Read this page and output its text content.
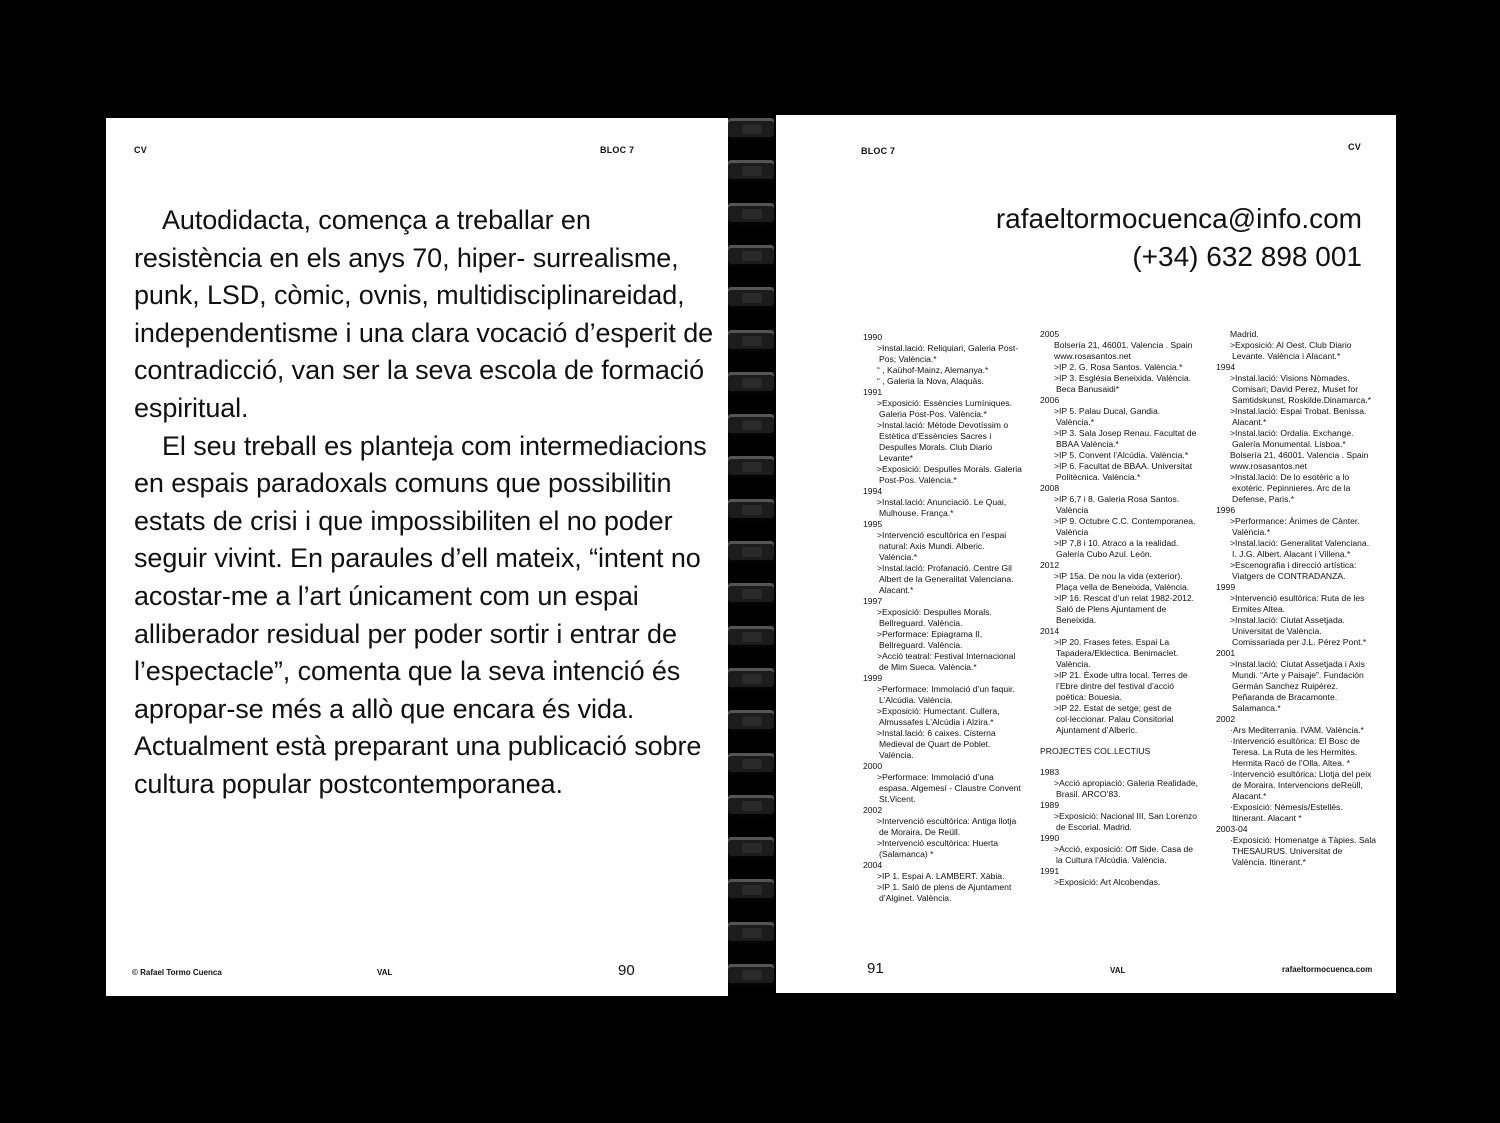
CV	BLOC 7

Autodidacta, comença a treballar en resistència en els anys 70, hiper- surrealisme, punk, LSD, còmic, ovnis, multidisciplinareidad, independentisme i una clara vocació d’esperit de contradicció, van ser la seva escola de formació espiritual.

El seu treball es planteja com intermediacions en espais paradoxals comuns que possibilitin estats de crisi i que impossibiliten el no poder seguir vivint. En paraules d’ell mateix, “intent no acostar-me a l’art únicament com un espai alliberador residual per poder sortir i entrar de l’espectacle”, comenta que la seva intenció és apropar-se més a allò que encara és vida. Actualment està preparant una publicació sobre cultura popular postcontemporanea.

© Rafael Tormo Cuenca	VAL	90
BLOC 7	CV
rafaeltormocuenca@info.com
(+34) 632 898 001
1990
>Instal.lació: Reliquiari, Galeria Post-Pos; València.*
“ , Kaühof-Mainz, Alemanya.*
“ , Galeria la Nova, Alaquàs.
1991
>Exposició: Essències Lumíniques. Galeria Post-Pos. València.*
>Instal.lació: Mètode Devotíssim o Estètica d’Essències Sacres i Despulles Morals. Club Diario Levante*
>Exposició: Despulles Morals. Galeria Post-Pos. València.*
1994
>Instal.lació: Anunciació. Le Quai, Mulhouse. França.*
1995
>Intervenció escultòrica en l’espai natural: Axis Mundi. Alberic. València.*
>Instal.lació: Profanació. Centre Gil Albert de la Generalitat Valenciana. Alacant.*
1997
>Exposició: Despulles Morals. Bellreguard. València.
>Performace: Epiagrama II, Bellreguard. València.
>Acció teatral: Festival Internacional de Mim Sueca. València.*
1999
>Performace: Immolació d’un faquir. L’Alcúdia. València.
>Exposició: Humectant. Cullera, Almussafes L’Alcúdia i Alzira.*
>Instal.lació: 6 caixes. Cisterna Medieval de Quart de Poblet. València.
2000
>Performace: Immolació d’una espasa. Algemesí - Claustre Convent St.Vicent.
2002
>Intervenció escultòrica: Antiga llotja de Moraira. De Reüll.
>Intervenció escultòrica: Huerta (Salamanca) *
2004
>IP 1. Espai A. LAMBERT. Xàbia.
>IP 1. Saló de plens de Ajuntament d’Alginet. València.
2005
Bolsería 21, 46001. Valencia . Spain
www.rosasantos.net
>IP 2. G. Rosa Santos. València.*
>IP 3. Església Beneixida. València. Beca Banusaidi*
2006
>IP 5. Palau Ducal, Gandia. València.*
>IP 3. Sala Josep Renau. Facultat de BBAA València.*
>IP 5. Convent l’Alcúdia. València.*
>IP 6. Facultat de BBAA. Universitat Politècnica. València.*
2008
>IP 6,7 i 8. Galeria Rosa Santos. València
>IP 9. Octubre C.C. Contemporanea. València
>IP 7,8 i 10. Atraco a la realidad. Galería Cubo Azul. León.
2012
>IP 15a. De nou la vida (exterior). Plaça vella de Beneixida, València.
>IP 16. Rescat d’un relat 1982-2012. Saló de Plens Ajuntament de Beneixida.
2014
>IP 20. Frases fetes. Espai La Tapadera/Eklectica. Benimaclet. València.
>IP 21. Èxode ultra local. Terres de l’Ebre dintre del festival d’acció poètica: Bouesia.
>IP 22. Estat de setge; gest de col·leccionar. Palau Consitorial Ajuntament d’Alberic.
PROJECTES COL.LECTIUS
1983
>Acció apropiació: Galeria Realidade, Brasil. ARCO’83.
1989
>Exposició: Nacional III, San Lorenzo de Escorial. Madrid.
1990
>Acció, exposició: Off Side. Casa de la Cultura l’Alcúdia. València.
1991
>Exposició: Art Alcobendas.
Madrid.
>Exposició: Al Oest. Club Diario Levante. València i Alacant.*
1994
>Instal.lació: Visions Nòmades. Comisari; David Perez, Muset for Samtidskunst, Roskilde.Dinamarca.*
>Instal.lació: Espai Trobat. Benissa. Alacant.*
>Instal.lació: Ordalia. Exchange. Galería Monumental. Lisboa.*
Bolsería 21, 46001. Valencia . Spain
www.rosasantos.net
>Instal.lació: De lo esotèric a lo exotèric. Pepinnieres. Arc de la Defense, Paris.*
1996
>Performance: Ànimes de Cànter. València.*
>Instal.lació: Generalitat Valenciana. I. J.G. Albert. Alacant i Villena.*
>Escenografia i direcció artística: Viatgers de CONTRADANZA.
1999
>Intervenció esultòrica: Ruta de les Ermites Altea.
>Instal.lació: Ciutat Assetjada. Universitat de València. Comissariada per J.L. Pérez Pont.*
2001
>Instal.lació: Ciutat Assetjada i Axis Mundi. “Arte y Paisaje”. Fundación Germán Sanchez Ruipérez. Peñaranda de Bracamonte. Salamanca.*
2002
·Ars Mediterrania. IVAM. València.*
·Intervenció esultòrica: El Bosc de Teresa. La Ruta de les Hermites. Hermita Racó de l’Olla. Altea. *
·Intervenció esultòrica: Llotja del peix de Moraira. Intervencions deReüll, Alacant.*
·Exposició: Némesis/Estellés. Itinerant. Alacant *
2003-04
·Exposició: Homenatge a Tàpies. Sala THESAURUS. Universitat de València. Itinerant.*
91	VAL	rafaeltormocuenca.com
